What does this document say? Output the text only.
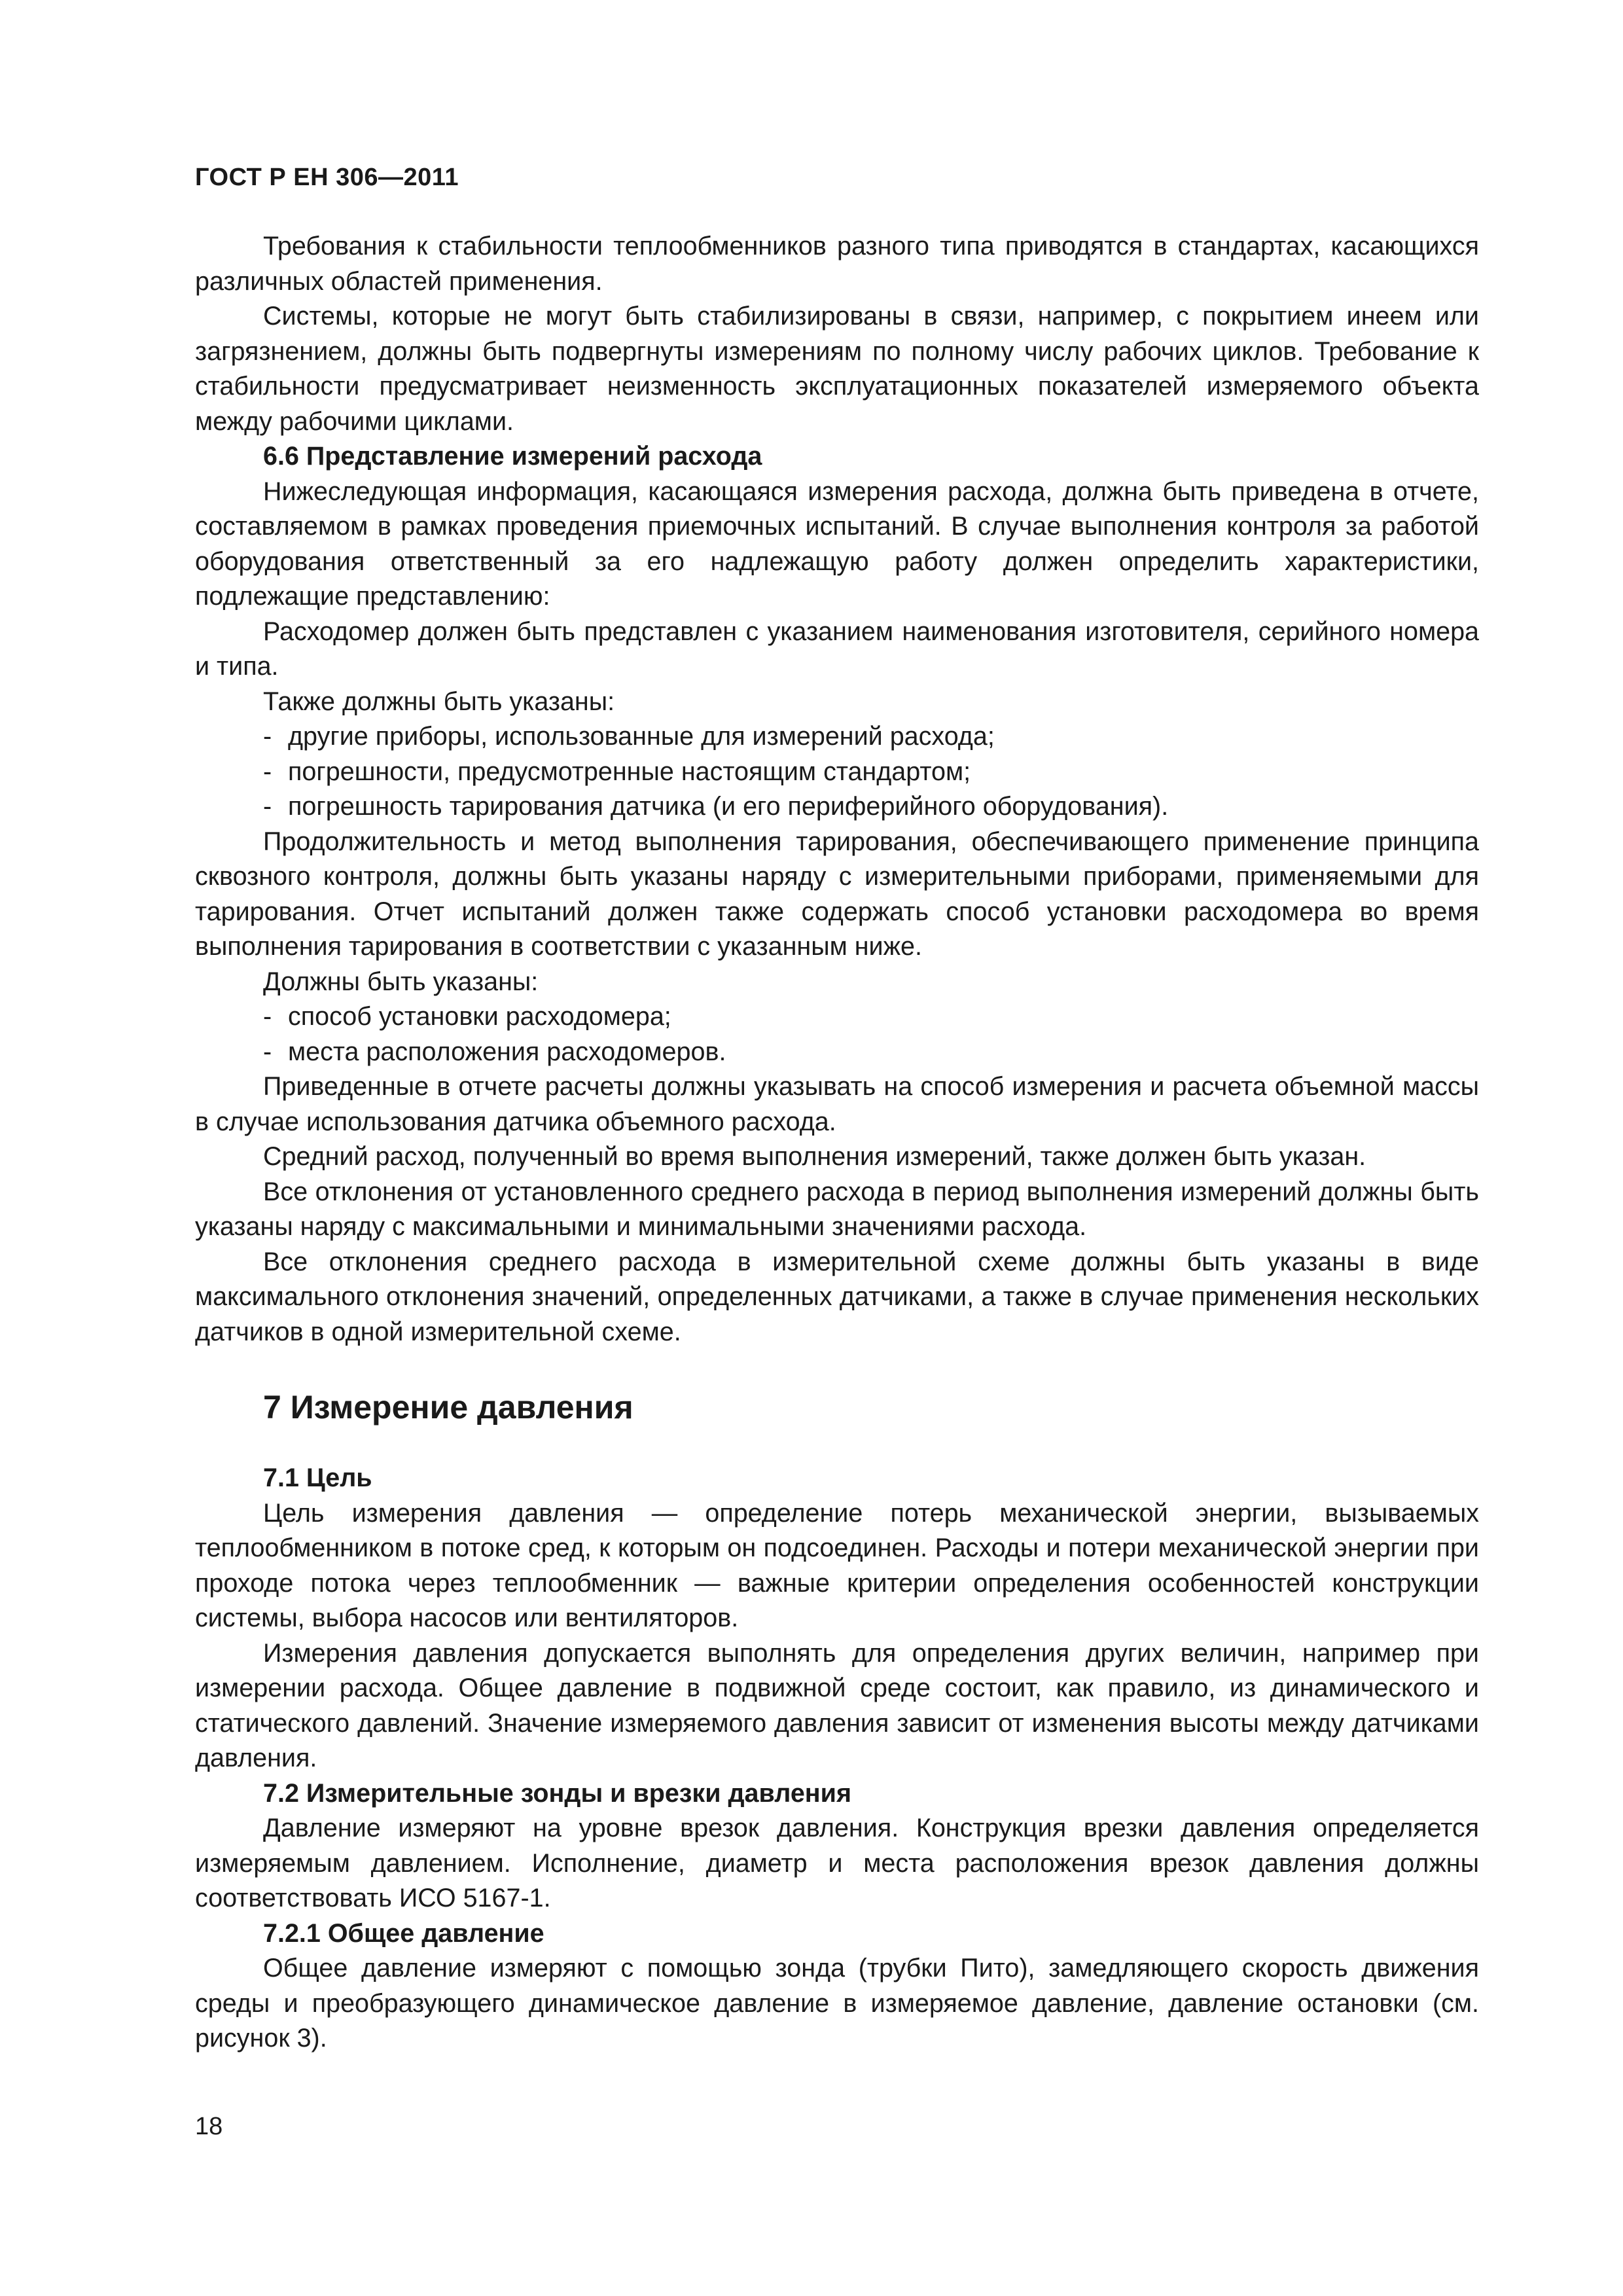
ГОСТ Р ЕН 306—2011

Требования к стабильности теплообменников разного типа приводятся в стандартах, касающихся различных областей применения.

Системы, которые не могут быть стабилизированы в связи, например, с покрытием инеем или загрязнением, должны быть подвергнуты измерениям по полному числу рабочих циклов. Требование к стабильности предусматривает неизменность эксплуатационных показателей измеряемого объекта между рабочими циклами.

6.6 Представление измерений расхода

Нижеследующая информация, касающаяся измерения расхода, должна быть приведена в отчете, составляемом в рамках проведения приемочных испытаний. В случае выполнения контроля за работой оборудования ответственный за его надлежащую работу должен определить характеристики, подлежащие представлению:

Расходомер должен быть представлен с указанием наименования изготовителя, серийного номера и типа.

Также должны быть указаны:

- другие приборы, использованные для измерений расхода;
- погрешности, предусмотренные настоящим стандартом;
- погрешность тарирования датчика (и его периферийного оборудования).

Продолжительность и метод выполнения тарирования, обеспечивающего применение принципа сквозного контроля, должны быть указаны наряду с измерительными приборами, применяемыми для тарирования. Отчет испытаний должен также содержать способ установки расходомера во время выполнения тарирования в соответствии с указанным ниже.

Должны быть указаны:

- способ установки расходомера;
- места расположения расходомеров.

Приведенные в отчете расчеты должны указывать на способ измерения и расчета объемной массы в случае использования датчика объемного расхода.

Средний расход, полученный во время выполнения измерений, также должен быть указан.

Все отклонения от установленного среднего расхода в период выполнения измерений должны быть указаны наряду с максимальными и минимальными значениями расхода.

Все отклонения среднего расхода в измерительной схеме должны быть указаны в виде максимального отклонения значений, определенных датчиками, а также в случае применения нескольких датчиков в одной измерительной схеме.

7 Измерение давления
7.1 Цель

Цель измерения давления — определение потерь механической энергии, вызываемых теплообменником в потоке сред, к которым он подсоединен. Расходы и потери механической энергии при проходе потока через теплообменник — важные критерии определения особенностей конструкции системы, выбора насосов или вентиляторов.

Измерения давления допускается выполнять для определения других величин, например при измерении расхода. Общее давление в подвижной среде состоит, как правило, из динамического и статического давлений. Значение измеряемого давления зависит от изменения высоты между датчиками давления.

7.2 Измерительные зонды и врезки давления

Давление измеряют на уровне врезок давления. Конструкция врезки давления определяется измеряемым давлением. Исполнение, диаметр и места расположения врезок давления должны соответствовать ИСО 5167-1.

7.2.1 Общее давление

Общее давление измеряют с помощью зонда (трубки Пито), замедляющего скорость движения среды и преобразующего динамическое давление в измеряемое давление, давление остановки (см. рисунок 3).

18
